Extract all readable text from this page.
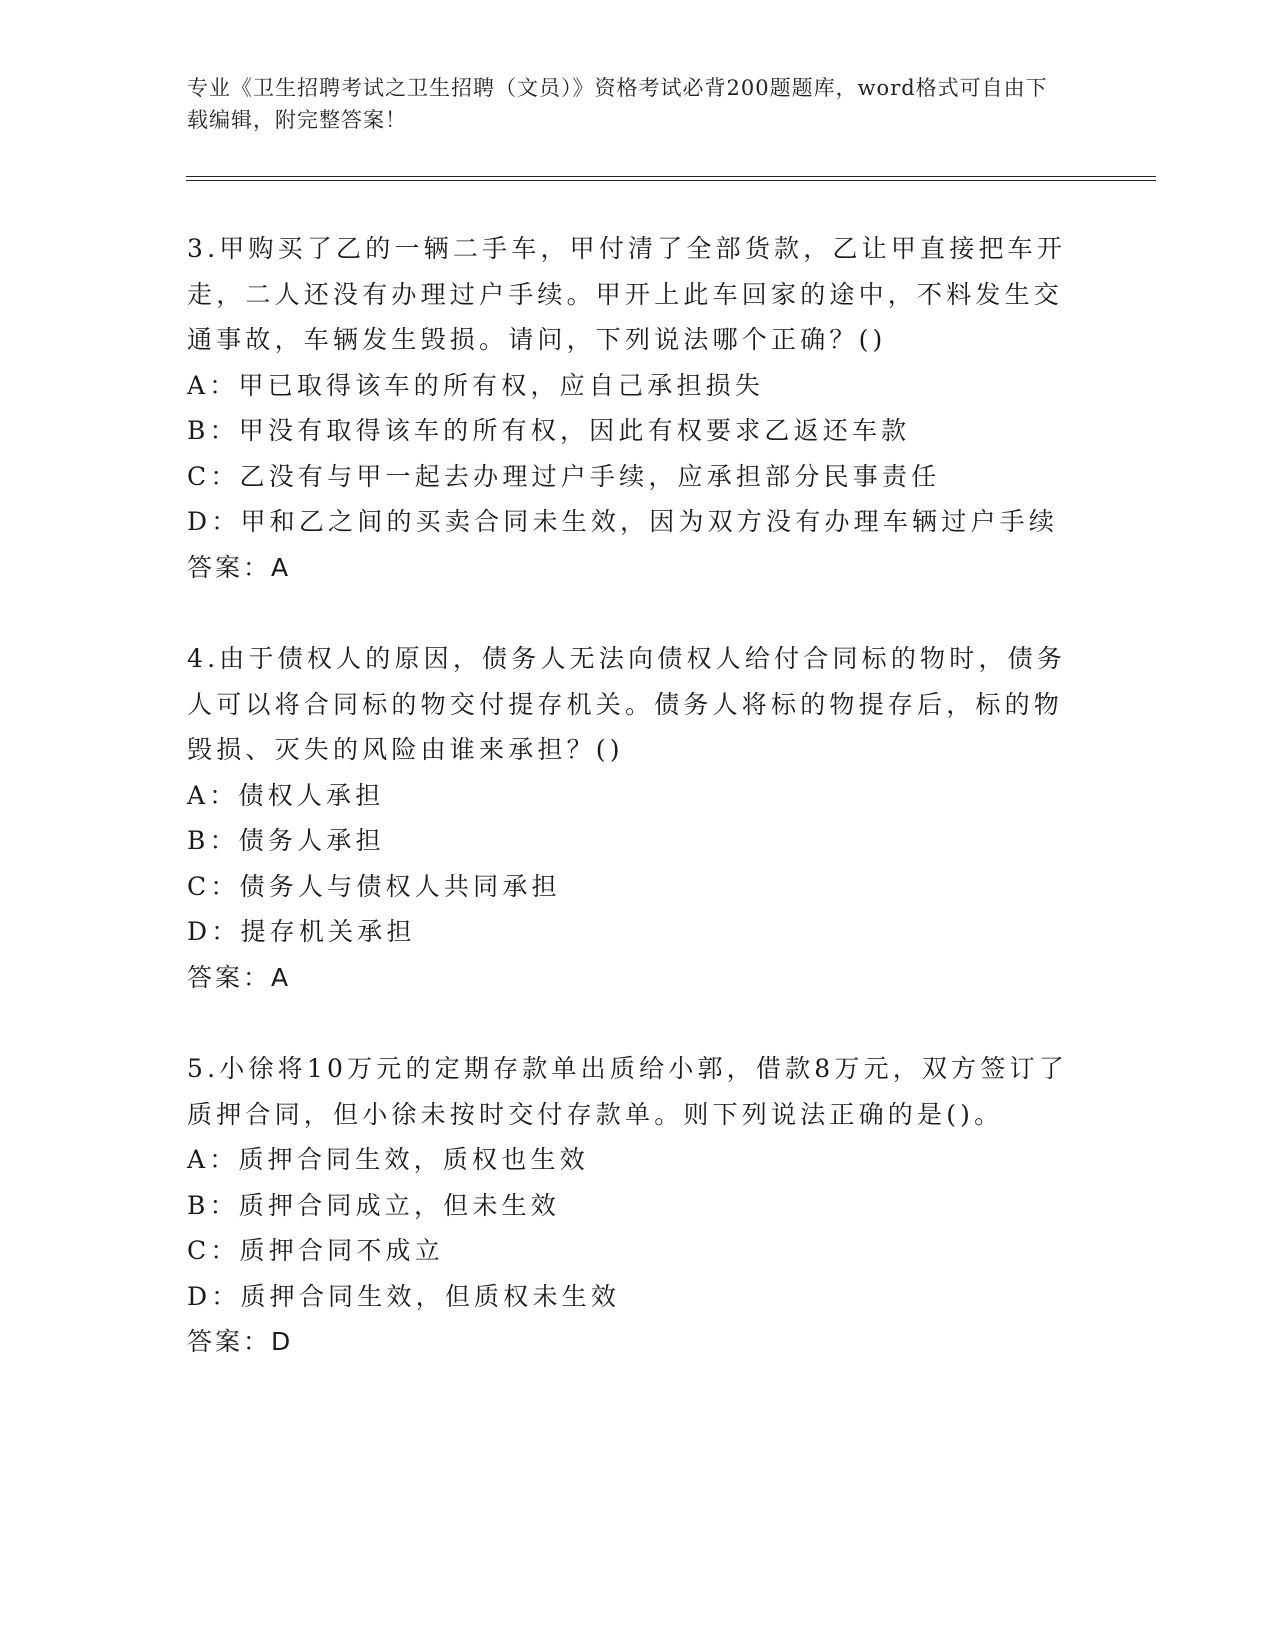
专业《卫生招聘考试之卫生招聘（文员）》资格考试必背200题题库，word格式可自由下载编辑，附完整答案！

3.甲购买了乙的一辆二手车，甲付清了全部货款，乙让甲直接把车开走，二人还没有办理过户手续。甲开上此车回家的途中，不料发生交通事故，车辆发生毁损。请问，下列说法哪个正确？()

A：甲已取得该车的所有权，应自己承担损失

B：甲没有取得该车的所有权，因此有权要求乙返还车款

C：乙没有与甲一起去办理过户手续，应承担部分民事责任

D：甲和乙之间的买卖合同未生效，因为双方没有办理车辆过户手续

答案：A

4.由于债权人的原因，债务人无法向债权人给付合同标的物时，债务人可以将合同标的物交付提存机关。债务人将标的物提存后，标的物毁损、灭失的风险由谁来承担？()

A：债权人承担

B：债务人承担

C：债务人与债权人共同承担

D：提存机关承担

答案：A

5.小徐将10万元的定期存款单出质给小郭，借款8万元，双方签订了质押合同，但小徐未按时交付存款单。则下列说法正确的是()。

A：质押合同生效，质权也生效

B：质押合同成立，但未生效

C：质押合同不成立

D：质押合同生效，但质权未生效

答案：D
